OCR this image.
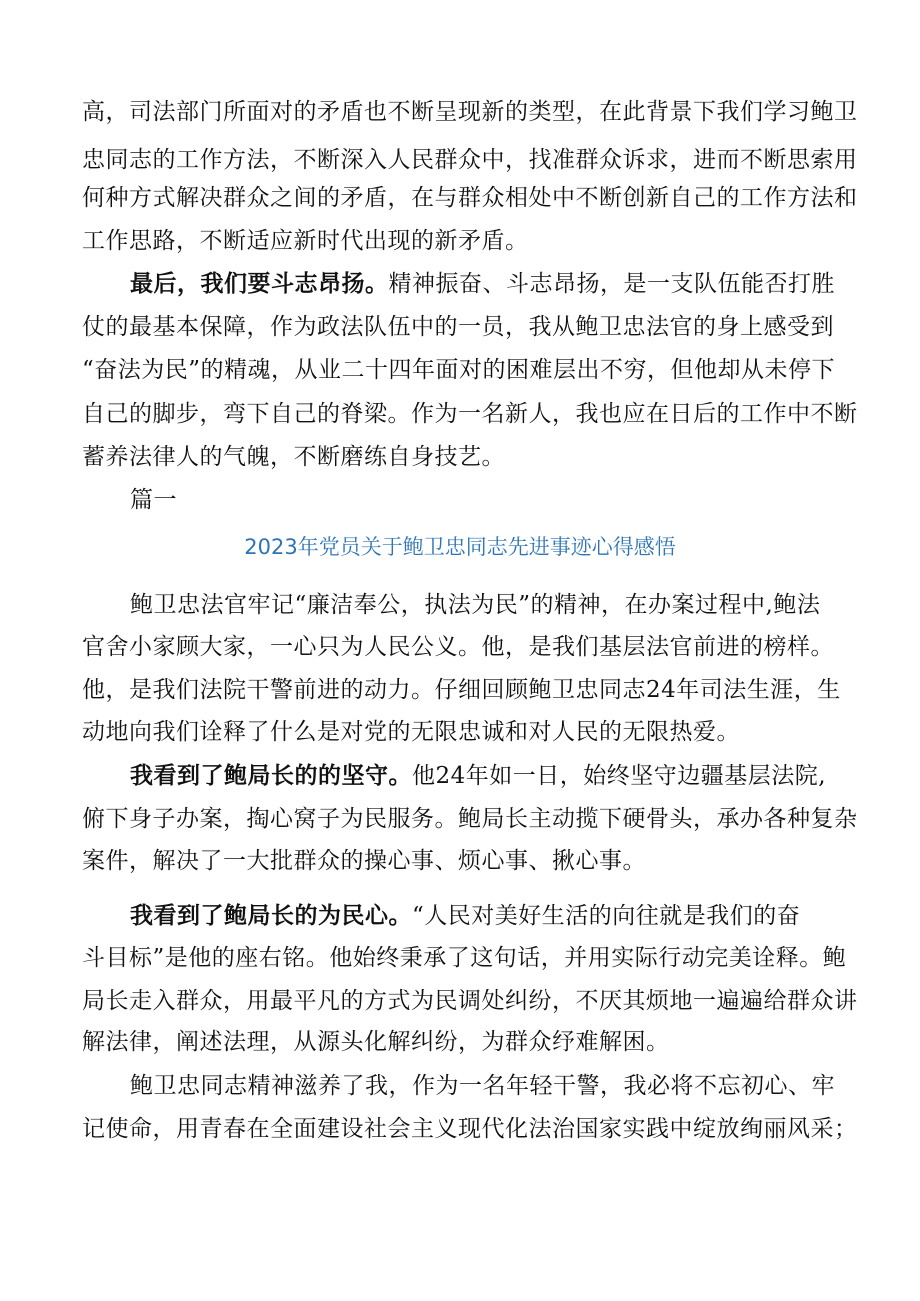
高，司法部门所面对的矛盾也不断呈现新的类型，在此背景下我们学习鲍卫
忠同志的工作方法，不断深入人民群众中，找准群众诉求，进而不断思索用
何种方式解决群众之间的矛盾，在与群众相处中不断创新自己的工作方法和
工作思路，不断适应新时代出现的新矛盾。
最后，我们要斗志昂扬。精神振奋、斗志昂扬，是一支队伍能否打胜
仗的最基本保障，作为政法队伍中的一员，我从鲍卫忠法官的身上感受到
“奋法为民”的精魂，从业二十四年面对的困难层出不穷，但他却从未停下
自己的脚步，弯下自己的脊梁。作为一名新人，我也应在日后的工作中不断
蓄养法律人的气魄，不断磨练自身技艺。
篇一
2023年党员关于鲍卫忠同志先进事迹心得感悟
鲍卫忠法官牢记“廉洁奉公，执法为民”的精神，在办案过程中,鲍法
官舍小家顾大家，一心只为人民公义。他，是我们基层法官前进的榜样。
他，是我们法院干警前进的动力。仔细回顾鲍卫忠同志24年司法生涯，生
动地向我们诠释了什么是对党的无限忠诚和对人民的无限热爱。
我看到了鲍局长的的坚守。他24年如一日，始终坚守边疆基层法院,
俯下身子办案，掏心窝子为民服务。鲍局长主动揽下硬骨头，承办各种复杂
案件，解决了一大批群众的操心事、烦心事、揪心事。
我看到了鲍局长的为民心。“人民对美好生活的向往就是我们的奋
斗目标”是他的座右铭。他始终秉承了这句话，并用实际行动完美诠释。鲍
局长走入群众，用最平凡的方式为民调处纠纷，不厌其烦地一遍遍给群众讲
解法律，阐述法理，从源头化解纠纷，为群众纾难解困。
鲍卫忠同志精神滋养了我，作为一名年轻干警，我必将不忘初心、牢
记使命，用青春在全面建设社会主义现代化法治国家实践中绽放绚丽风采；
